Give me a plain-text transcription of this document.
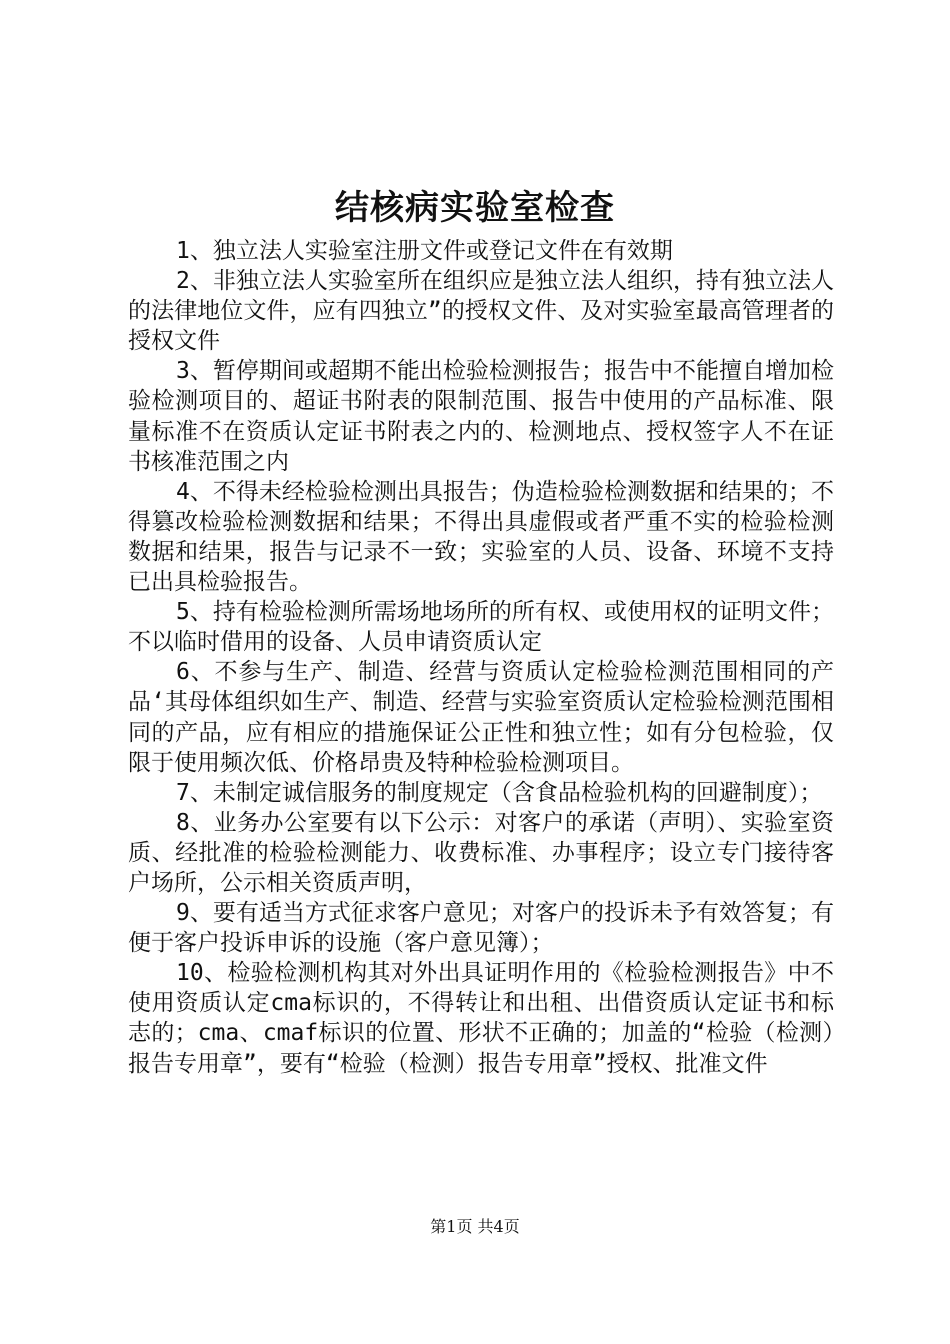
结核病实验室检查

1、独立法人实验室注册文件或登记文件在有效期

2、非独立法人实验室所在组织应是独立法人组织，持有独立法人的法律地位文件，应有四独立”的授权文件、及对实验室最高管理者的授权文件

3、暂停期间或超期不能出检验检测报告；报告中不能擅自增加检验检测项目的、超证书附表的限制范围、报告中使用的产品标准、限量标准不在资质认定证书附表之内的、检测地点、授权签字人不在证书核准范围之内

4、不得未经检验检测出具报告；伪造检验检测数据和结果的；不得篡改检验检测数据和结果；不得出具虚假或者严重不实的检验检测数据和结果，报告与记录不一致；实验室的人员、设备、环境不支持已出具检验报告。

5、持有检验检测所需场地场所的所有权、或使用权的证明文件；不以临时借用的设备、人员申请资质认定

6、不参与生产、制造、经营与资质认定检验检测范围相同的产品‘其母体组织如生产、制造、经营与实验室资质认定检验检测范围相同的产品，应有相应的措施保证公正性和独立性；如有分包检验，仅限于使用频次低、价格昂贵及特种检验检测项目。

7、未制定诚信服务的制度规定（含食品检验机构的回避制度）；

8、业务办公室要有以下公示：对客户的承诺（声明）、实验室资质、经批准的检验检测能力、收费标准、办事程序；设立专门接待客户场所，公示相关资质声明，

9、要有适当方式征求客户意见；对客户的投诉未予有效答复；有便于客户投诉申诉的设施（客户意见簿）；

10、检验检测机构其对外出具证明作用的《检验检测报告》中不使用资质认定cma标识的，不得转让和出租、出借资质认定证书和标志的；cma、cmaf标识的位置、形状不正确的；加盖的“检验（检测）报告专用章”，要有“检验（检测）报告专用章”授权、批准文件

第1页 共4页
